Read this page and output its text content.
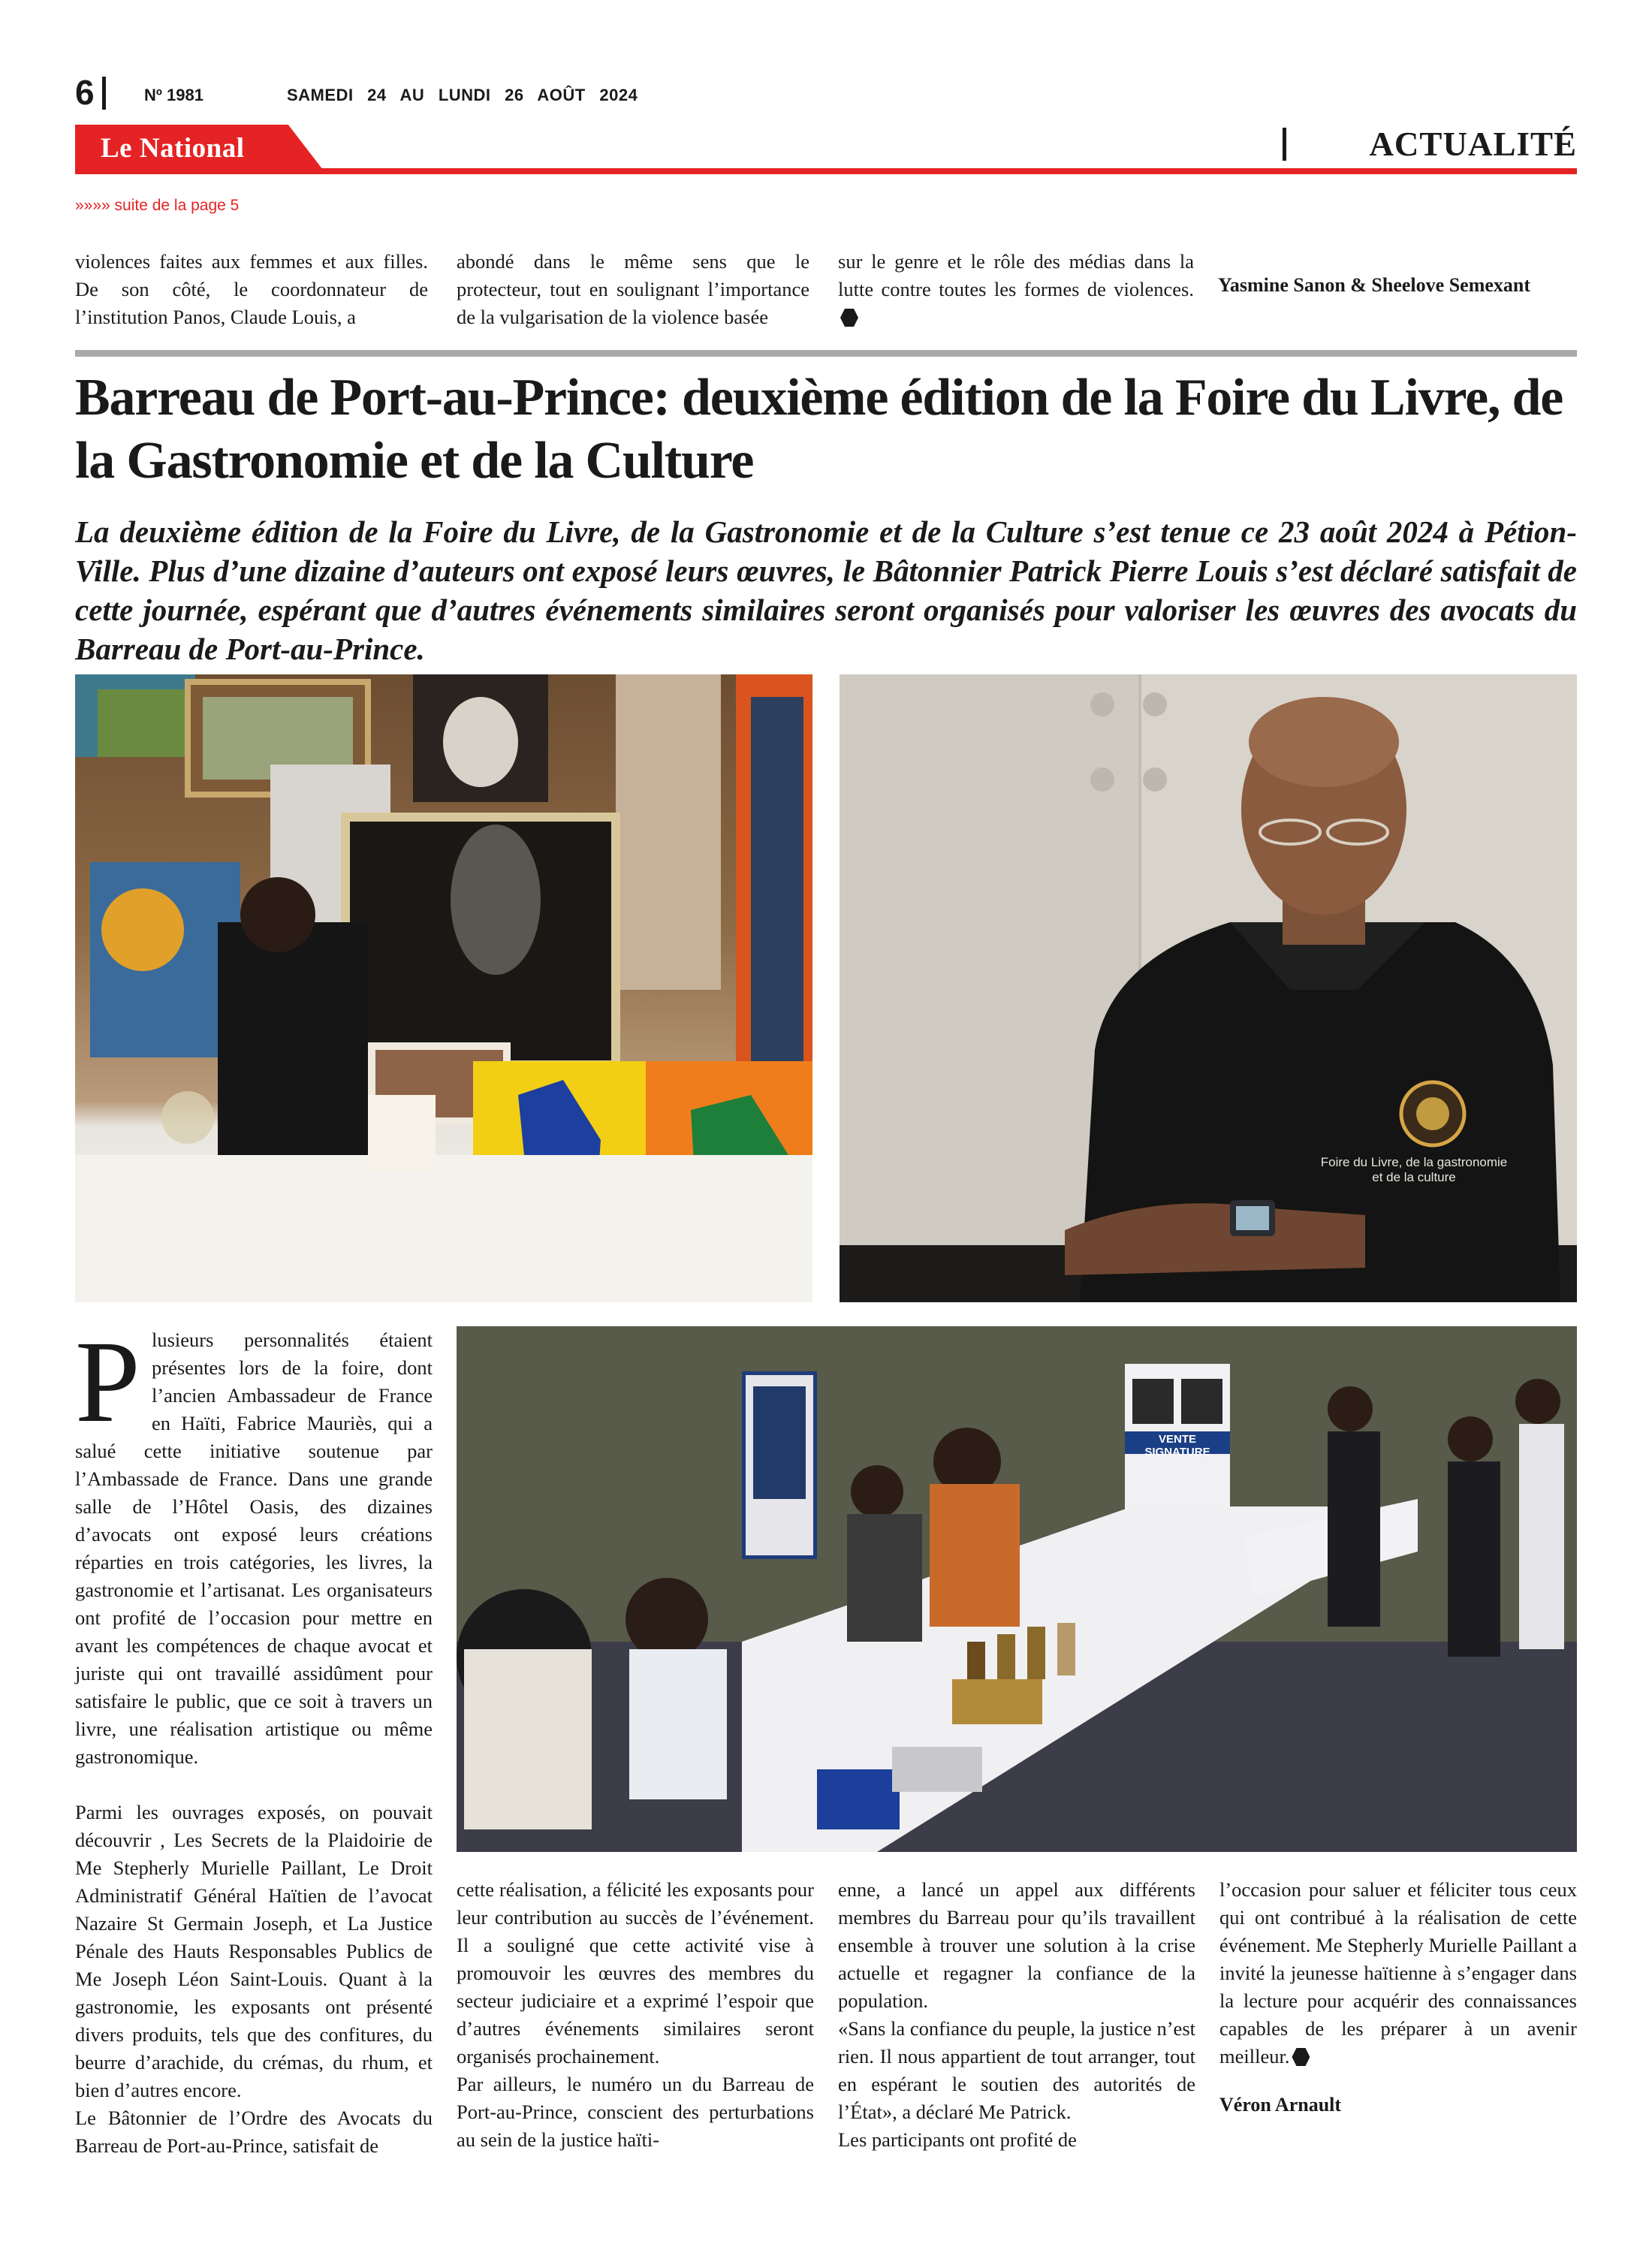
6	Nº 1981	SAMEDI 24 AU LUNDI 26 AOÛT 2024
Le National	ACTUALITÉ
»»»» suite de la page 5
violences faites aux femmes et aux filles. De son côté, le coordonnateur de l’institution Panos, Claude Louis, a
abondé dans le même sens que le protecteur, tout en soulignant l’importance de la vulgarisation de la violence basée
sur le genre et le rôle des médias dans la lutte contre toutes les formes de violences. Yasmine Sanon & Sheelove Semexant
Barreau de Port-au-Prince: deuxième édition de la Foire du Livre, de la Gastronomie et de la Culture

La deuxième édition de la Foire du Livre, de la Gastronomie et de la Culture s’est tenue ce 23 août 2024 à Pétion-Ville. Plus d’une dizaine d’auteurs ont exposé leurs œuvres, le Bâtonnier Patrick Pierre Louis s’est déclaré satisfait de cette journée, espérant que d’autres événements similaires seront organisés pour valoriser les œuvres des avocats du Barreau de Port-au-Prince.

Foire du Livre, de la gastronomie et de la culture
VENTE SIGNATURE
P lusieurs personnalités étaient présentes lors de la foire, dont l’ancien Ambassadeur de France en Haïti, Fabrice Mauriès, qui a salué cette initiative soutenue par l’Ambassade de France. Dans une grande salle de l’Hôtel Oasis, des dizaines d’avocats ont exposé leurs créations réparties en trois catégories, les livres, la gastronomie et l’artisanat. Les organisateurs ont profité de l’occasion pour mettre en avant les compétences de chaque avocat et juriste qui ont travaillé assidûment pour satisfaire le public, que ce soit à travers un livre, une réalisation artistique ou même gastronomique.

Parmi les ouvrages exposés, on pouvait découvrir , Les Secrets de la Plaidoirie de Me Stepherly Murielle Paillant, Le Droit Administratif Général Haïtien de l’avocat Nazaire St Germain Joseph, et La Justice Pénale des Hauts Responsables Publics de Me Joseph Léon Saint-Louis. Quant à la gastronomie, les exposants ont présenté divers produits, tels que des confitures, du beurre d’arachide, du crémas, du rhum, et bien d’autres encore.

Le Bâtonnier de l’Ordre des Avocats du Barreau de Port-au-Prince, satisfait de

cette réalisation, a félicité les exposants pour leur contribution au succès de l’événement. Il a souligné que cette activité vise à promouvoir les œuvres des membres du secteur judiciaire et a exprimé l’espoir que d’autres événements similaires seront organisés prochainement.

Par ailleurs, le numéro un du Barreau de Port-au-Prince, conscient des perturbations au sein de la justice haïti-

enne, a lancé un appel aux différents membres du Barreau pour qu’ils travaillent ensemble à trouver une solution à la crise actuelle et regagner la confiance de la population.

«Sans la confiance du peuple, la justice n’est rien. Il nous appartient de tout arranger, tout en espérant le soutien des autorités de l’État», a déclaré Me Patrick.

Les participants ont profité de

l’occasion pour saluer et féliciter tous ceux qui ont contribué à la réalisation de cette événement. Me Stepherly Murielle Paillant a invité la jeunesse haïtienne à s’engager dans la lecture pour acquérir des connaissances capables de les préparer à un avenir meilleur.

Véron Arnault
